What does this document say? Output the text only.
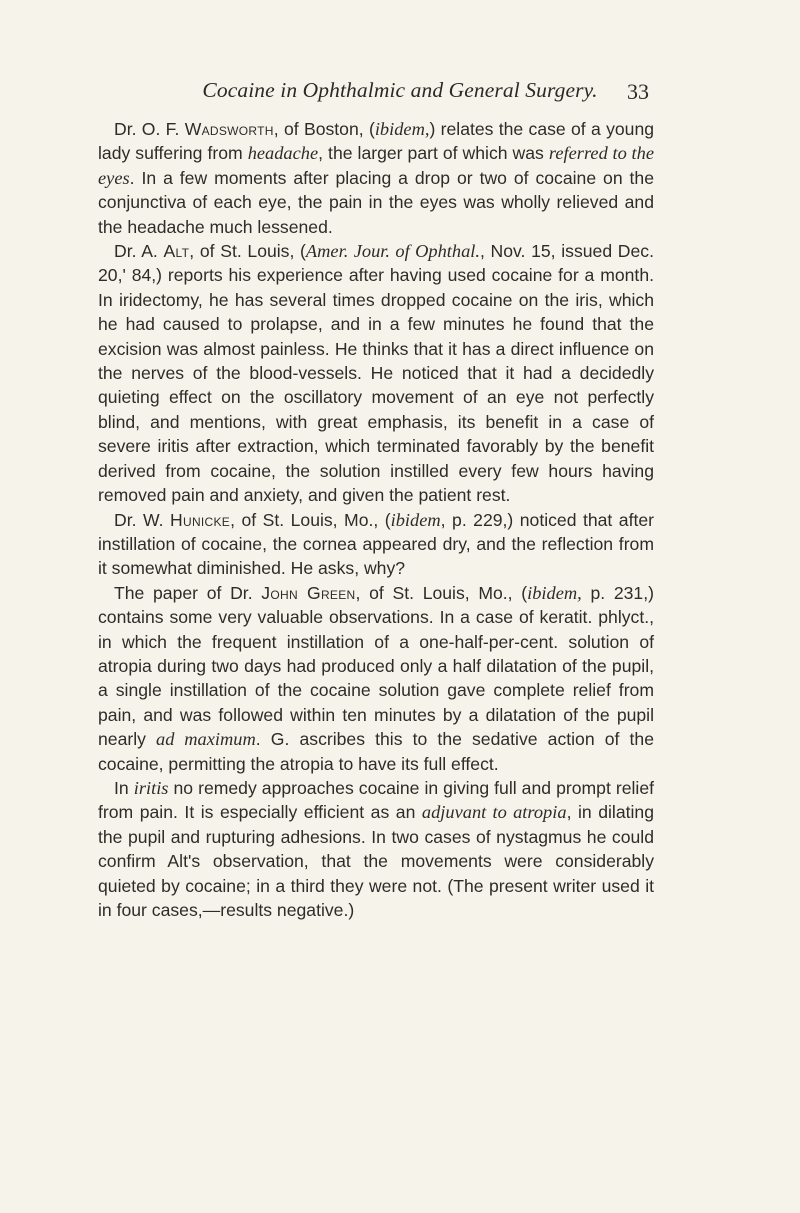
Cocaine in Ophthalmic and General Surgery.	33

Dr. O. F. Wadsworth, of Boston, (ibidem,) relates the case of a young lady suffering from headache, the larger part of which was referred to the eyes. In a few moments after placing a drop or two of cocaine on the conjunctiva of each eye, the pain in the eyes was wholly relieved and the headache much lessened.

Dr. A. Alt, of St. Louis, (Amer. Jour. of Ophthal., Nov. 15, issued Dec. 20,' 84,) reports his experience after having used cocaine for a month. In iridectomy, he has several times dropped cocaine on the iris, which he had caused to prolapse, and in a few minutes he found that the excision was almost painless. He thinks that it has a direct influence on the nerves of the blood-vessels. He noticed that it had a decidedly quieting effect on the oscillatory movement of an eye not perfectly blind, and mentions, with great emphasis, its benefit in a case of severe iritis after extraction, which terminated favorably by the benefit derived from cocaine, the solution instilled every few hours having removed pain and anxiety, and given the patient rest.

Dr. W. Hunicke, of St. Louis, Mo., (ibidem, p. 229,) noticed that after instillation of cocaine, the cornea appeared dry, and the reflection from it somewhat diminished. He asks, why?

The paper of Dr. John Green, of St. Louis, Mo., (ibidem, p. 231,) contains some very valuable observations. In a case of keratit. phlyct., in which the frequent instillation of a one-half-per-cent. solution of atropia during two days had produced only a half dilatation of the pupil, a single instillation of the cocaine solution gave complete relief from pain, and was followed within ten minutes by a dilatation of the pupil nearly ad maximum. G. ascribes this to the sedative action of the cocaine, permitting the atropia to have its full effect.

In iritis no remedy approaches cocaine in giving full and prompt relief from pain. It is especially efficient as an adjuvant to atropia, in dilating the pupil and rupturing adhesions. In two cases of nystagmus he could confirm Alt's observation, that the movements were considerably quieted by cocaine; in a third they were not. (The present writer used it in four cases,—results negative.)
